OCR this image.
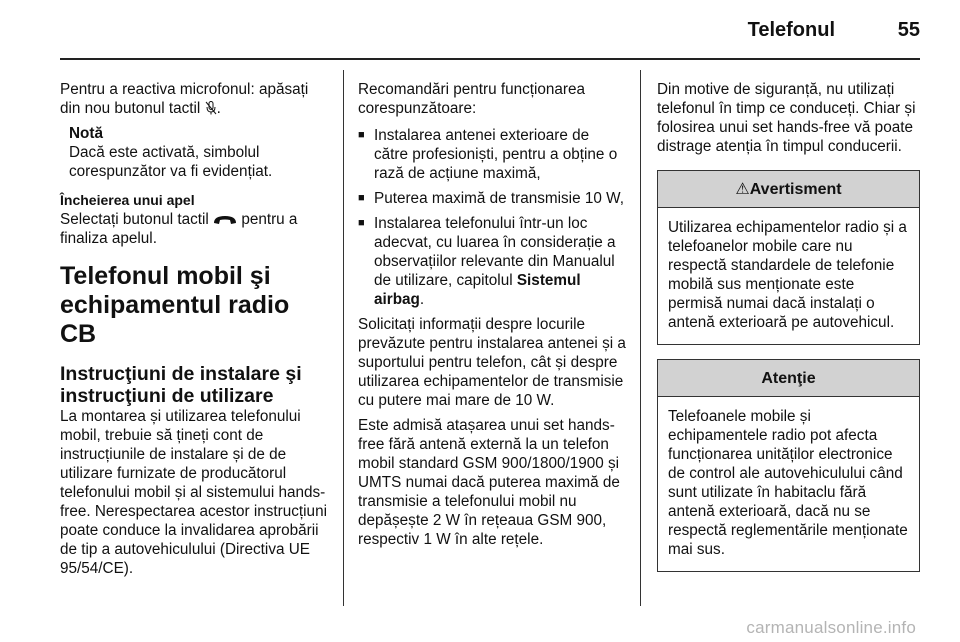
Telefonul	55

Pentru a reactiva microfonul: apăsați din nou butonul tactil .

Notă
Dacă este activată, simbolul corespunzător va fi evidențiat.

Încheierea unui apel

Selectați butonul tactil pentru a finaliza apelul.

Telefonul mobil şi echipamentul radio CB

Instrucţiuni de instalare şi instrucţiuni de utilizare

La montarea și utilizarea telefonului mobil, trebuie să țineți cont de instrucțiunile de instalare și de de utilizare furnizate de producătorul telefonului mobil și al sistemului hands-free. Nerespectarea acestor instrucțiuni poate conduce la invalidarea aprobării de tip a autovehiculului (Directiva UE 95/54/CE).

Recomandări pentru funcționarea corespunzătoare:

■ Instalarea antenei exterioare de către profesioniști, pentru a obține o rază de acțiune maximă,
■ Puterea maximă de transmisie 10 W,
■ Instalarea telefonului într-un loc adecvat, cu luarea în considerație a observațiilor relevante din Manualul de utilizare, capitolul Sistemul airbag.

Solicitați informații despre locurile prevăzute pentru instalarea antenei și a suportului pentru telefon, cât și despre utilizarea echipamentelor de transmisie cu putere mai mare de 10 W.

Este admisă atașarea unui set hands-free fără antenă externă la un telefon mobil standard GSM 900/1800/1900 și UMTS numai dacă puterea maximă de transmisie a telefonului mobil nu depășește 2 W în rețeaua GSM 900, respectiv 1 W în alte rețele.

Din motive de siguranță, nu utilizați telefonul în timp ce conduceți. Chiar și folosirea unui set hands-free vă poate distrage atenția în timpul conducerii.

⚠ Avertisment
Utilizarea echipamentelor radio și a telefoanelor mobile care nu respectă standardele de telefonie mobilă sus menționate este permisă numai dacă instalați o antenă exterioară pe autovehicul.
Atenţie
Telefoanele mobile și echipamentele radio pot afecta funcționarea unităților electronice de control ale autovehiculului când sunt utilizate în habitaclu fără antenă exterioară, dacă nu se respectă reglementările menționate mai sus.
carmanualsonline.info
